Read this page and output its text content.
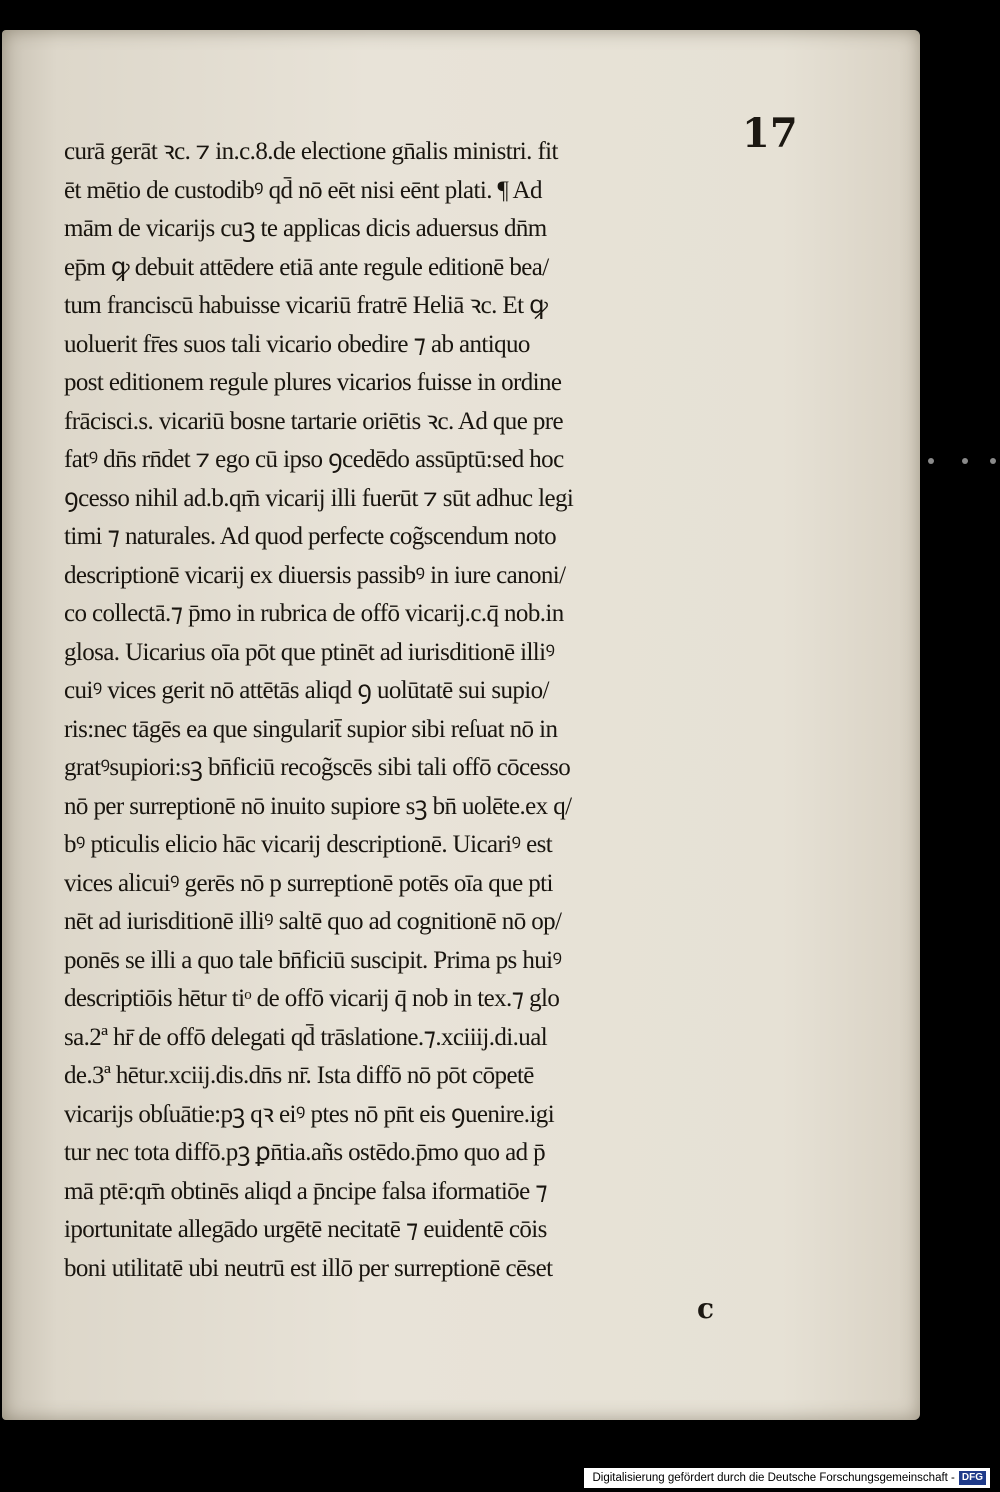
17
curā gerāt ꝛc. ⁊ in.c.8.de electione gn̄alis ministri. fit
ēt mētio de custodibꝰ qd̄ nō eēt nisi eēnt plati. ¶ Ad
mām de vicarijs cuꝫ te applicas dicis aduersus dn̄m
ep̄m ꝙ debuit attēdere etiā ante regule editionē bea/
tum franciscū habuisse vicariū fratrē Heliā ꝛc. Et ꝙ
uoluerit fr̄es suos tali vicario obedire ⁊ ab antiquo
post editionem regule plures vicarios fuisse in ordine
frācisci.s. vicariū bosne tartarie oriētis ꝛc. Ad que pre
fatꝰ dn̄s rn̄det ⁊ ego cū ipso ꝯcedēdo assūptū:sed hoc
ꝯcesso nihil ad.b.qm̄ vicarij illi fuerūt ⁊ sūt adhuc legi
timi ⁊ naturales. Ad quod perfecte cog̃scendum noto
descriptionē vicarij ex diuersis passibꝰ in iure canoni/
co collectā.⁊ p̄mo in rubrica de offō vicarij.c.q̄ nob.in
glosa. Uicarius oīa pōt que ptinēt ad iurisditionē illiꝰ
cuiꝰ vices gerit nō attētās aliqd ꝯ uolūtatē sui supio/
ris:nec tāgēs ea que singularit̄ supior sibi reſuat nō in
gratꝰsupiori:sꝫ bn̄ficiū recog̃scēs sibi tali offō cōcesso
nō per surreptionē nō inuito supiore sꝫ bn̄ uolēte.ex q/
bꝰ pticulis elicio hāc vicarij descriptionē. Uicariꝰ est
vices alicuiꝰ gerēs nō p surreptionē potēs oīa que pti
nēt ad iurisditionē illiꝰ saltē quo ad cognitionē nō op/
ponēs se illi a quo tale bn̄ficiū suscipit. Prima ps huiꝰ
descriptiōis hētur tiᵒ de offō vicarij q̄ nob in tex.⁊ glo
sa.2ª hr̄ de offō delegati qd̄ trāslatione.⁊.xciiij.di.ual
de.3ª hētur.xciij.dis.dn̄s nr̄. Ista diffō nō pōt cōpetē
vicarijs obſuātie:pꝫ qꝛ eiꝰ ptes nō pn̄t eis ꝯuenire.igi
tur nec tota diffō.pꝫ ꝑn̄tia.añs ostēdo.p̄mo quo ad p̄
mā ptē:qm̄ obtinēs aliqd a p̄ncipe falsa iformatiōe ⁊
iportunitate allegādo urgētē necitatē ⁊ euidentē cōis
boni utilitatē ubi neutrū est illō per surreptionē cēset
c
Digitalisierung gefördert durch die Deutsche Forschungsgemeinschaft - DFG
